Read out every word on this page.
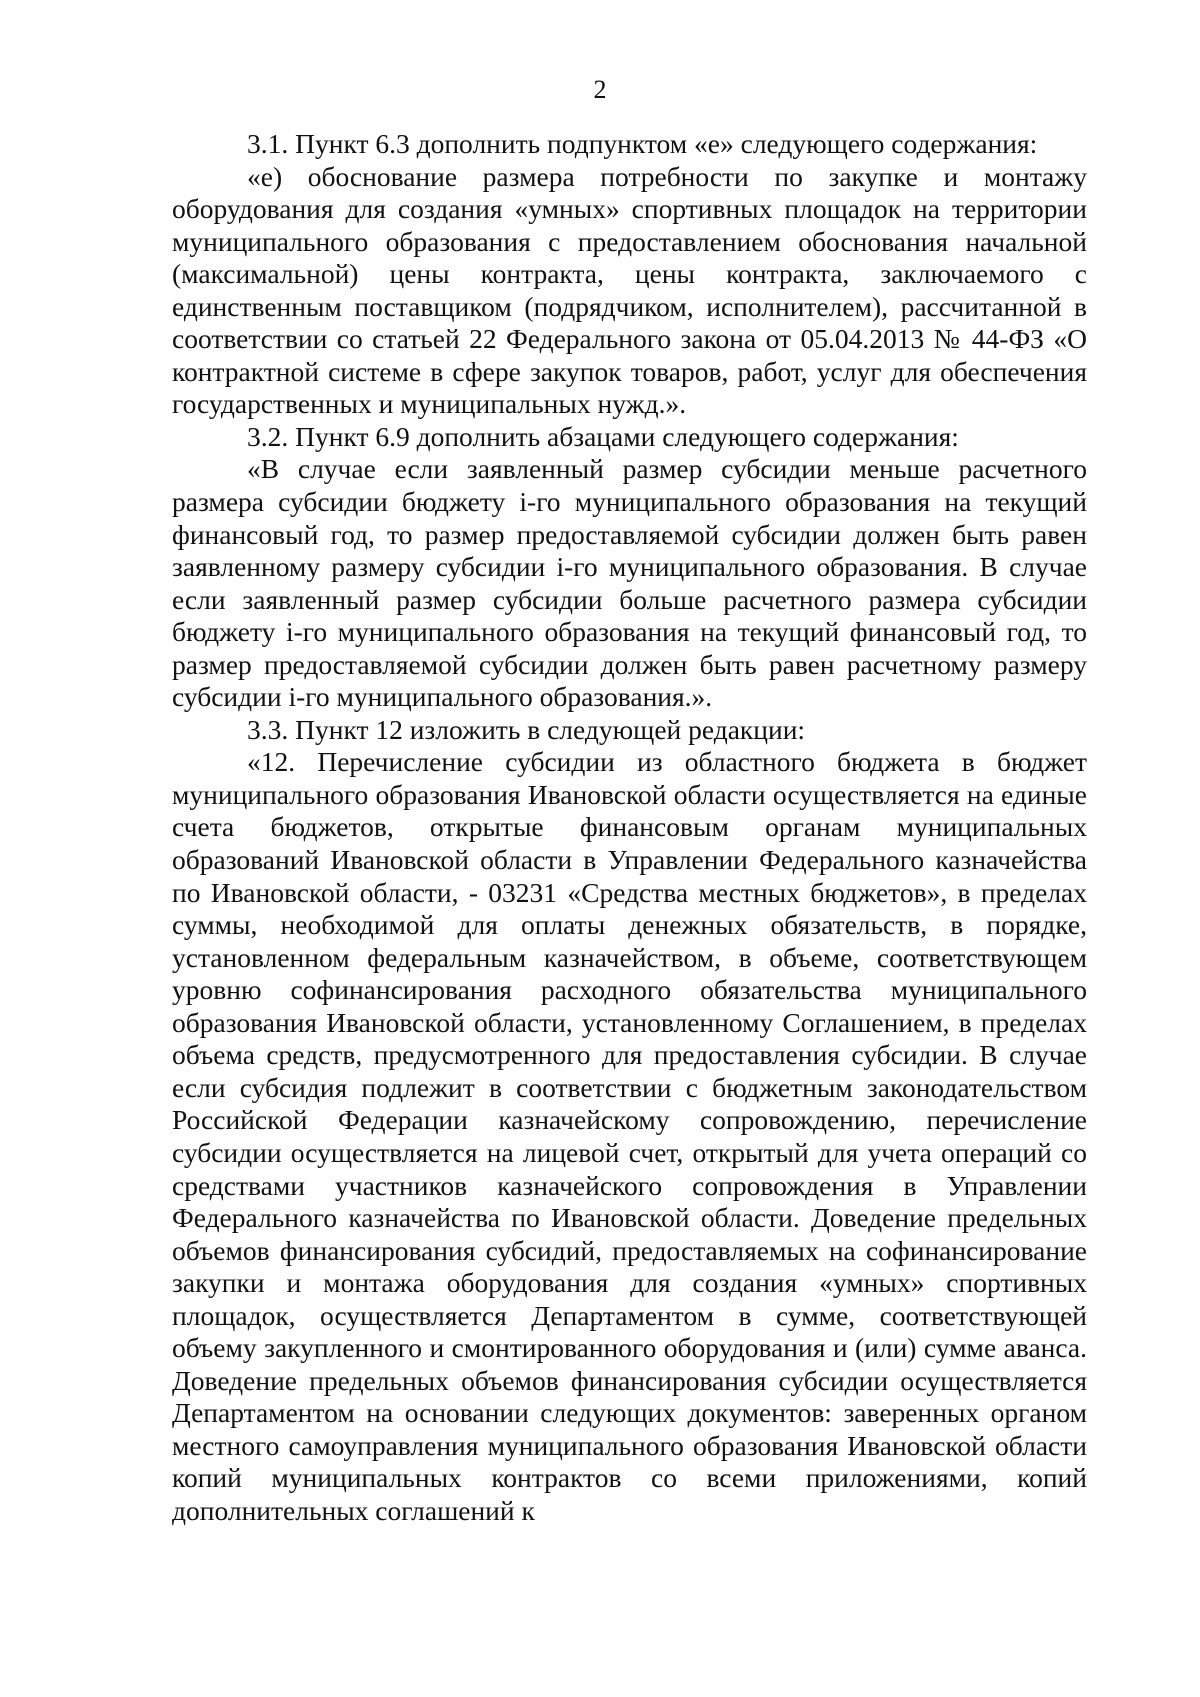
2

3.1. Пункт 6.3 дополнить подпунктом «е» следующего содержания:

«е) обоснование размера потребности по закупке и монтажу оборудования для создания «умных» спортивных площадок на территории муниципального образования с предоставлением обоснования начальной (максимальной) цены контракта, цены контракта, заключаемого с единственным поставщиком (подрядчиком, исполнителем), рассчитанной в соответствии со статьей 22 Федерального закона от 05.04.2013 № 44-ФЗ «О контрактной системе в сфере закупок товаров, работ, услуг для обеспечения государственных и муниципальных нужд.».

3.2. Пункт 6.9 дополнить абзацами следующего содержания:

«В случае если заявленный размер субсидии меньше расчетного размера субсидии бюджету i-го муниципального образования на текущий финансовый год, то размер предоставляемой субсидии должен быть равен заявленному размеру субсидии i-го муниципального образования. В случае если заявленный размер субсидии больше расчетного размера субсидии бюджету i-го муниципального образования на текущий финансовый год, то размер предоставляемой субсидии должен быть равен расчетному размеру субсидии i-го муниципального образования.».

3.3. Пункт 12 изложить в следующей редакции:

«12. Перечисление субсидии из областного бюджета в бюджет муниципального образования Ивановской области осуществляется на единые счета бюджетов, открытые финансовым органам муниципальных образований Ивановской области в Управлении Федерального казначейства по Ивановской области, - 03231 «Средства местных бюджетов», в пределах суммы, необходимой для оплаты денежных обязательств, в порядке, установленном федеральным казначейством, в объеме, соответствующем уровню софинансирования расходного обязательства муниципального образования Ивановской области, установленному Соглашением, в пределах объема средств, предусмотренного для предоставления субсидии. В случае если субсидия подлежит в соответствии с бюджетным законодательством Российской Федерации казначейскому сопровождению, перечисление субсидии осуществляется на лицевой счет, открытый для учета операций со средствами участников казначейского сопровождения в Управлении Федерального казначейства по Ивановской области. Доведение предельных объемов финансирования субсидий, предоставляемых на софинансирование закупки и монтажа оборудования для создания «умных» спортивных площадок, осуществляется Департаментом в сумме, соответствующей объему закупленного и смонтированного оборудования и (или) сумме аванса. Доведение предельных объемов финансирования субсидии осуществляется Департаментом на основании следующих документов: заверенных органом местного самоуправления муниципального образования Ивановской области копий муниципальных контрактов со всеми приложениями, копий дополнительных соглашений к
